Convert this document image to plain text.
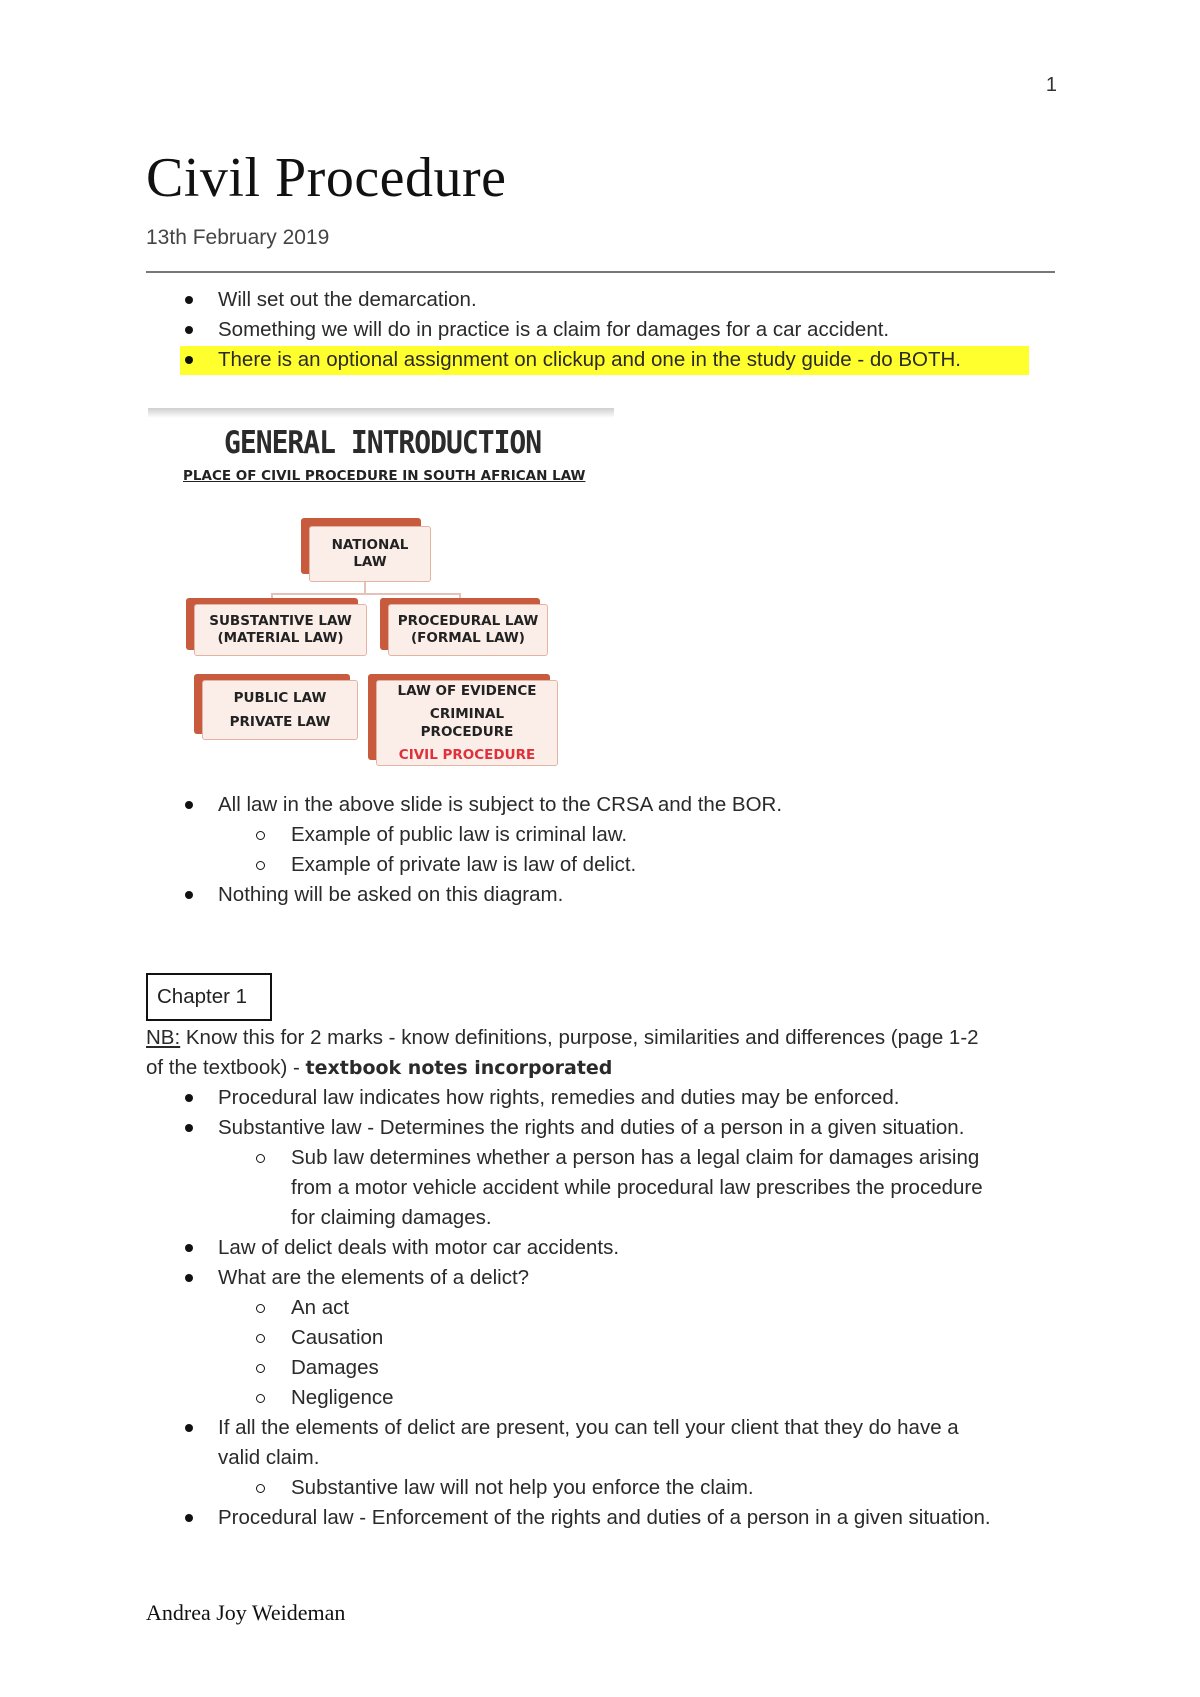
1
Civil Procedure
13th February 2019
Will set out the demarcation.
Something we will do in practice is a claim for damages for a car accident.
There is an optional assignment on clickup and one in the study guide - do BOTH.
GENERAL INTRODUCTION
PLACE OF CIVIL PROCEDURE IN SOUTH AFRICAN LAW
NATIONAL
LAW
SUBSTANTIVE LAW
(MATERIAL LAW)
PROCEDURAL LAW
(FORMAL LAW)
PUBLIC LAW
PRIVATE LAW
LAW OF EVIDENCE
CRIMINAL
PROCEDURE
CIVIL PROCEDURE
All law in the above slide is subject to the CRSA and the BOR.
Example of public law is criminal law.
Example of private law is law of delict.
Nothing will be asked on this diagram.
Chapter 1
NB: Know this for 2 marks - know definitions, purpose, similarities and differences (page 1-2
of the textbook) - textbook notes incorporated
Procedural law indicates how rights, remedies and duties may be enforced.
Substantive law - Determines the rights and duties of a person in a given situation.
Sub law determines whether a person has a legal claim for damages arising
from a motor vehicle accident while procedural law prescribes the procedure
for claiming damages.
Law of delict deals with motor car accidents.
What are the elements of a delict?
An act
Causation
Damages
Negligence
If all the elements of delict are present, you can tell your client that they do have a
valid claim.
Substantive law will not help you enforce the claim.
Procedural law - Enforcement of the rights and duties of a person in a given situation.
Andrea Joy Weideman
